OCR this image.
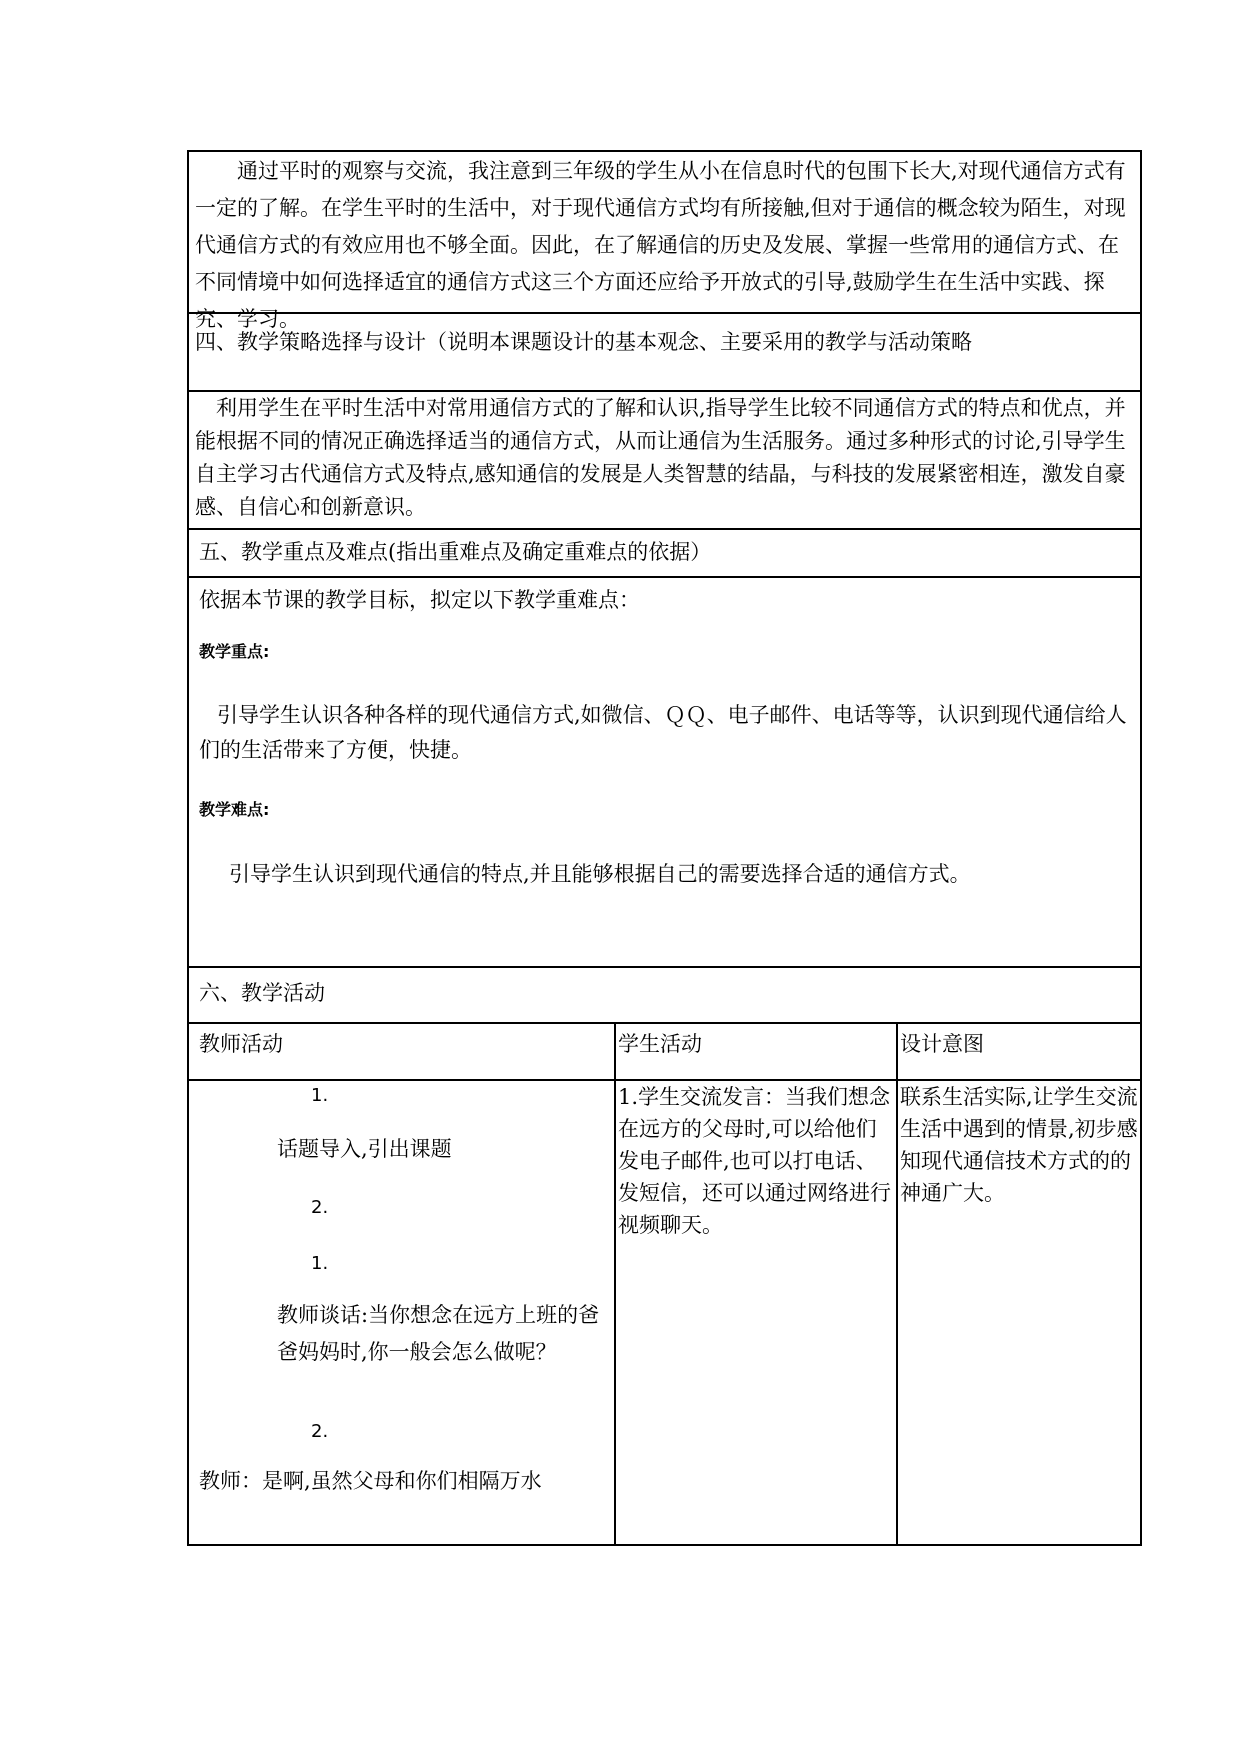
通过平时的观察与交流，我注意到三年级的学生从小在信息时代的包围下长大,对现代通信方式有一定的了解。在学生平时的生活中，对于现代通信方式均有所接触,但对于通信的概念较为陌生，对现代通信方式的有效应用也不够全面。因此，在了解通信的历史及发展、掌握一些常用的通信方式、在不同情境中如何选择适宜的通信方式这三个方面还应给予开放式的引导,鼓励学生在生活中实践、探究、学习。

四、教学策略选择与设计（说明本课题设计的基本观念、主要采用的教学与活动策略

利用学生在平时生活中对常用通信方式的了解和认识,指导学生比较不同通信方式的特点和优点，并能根据不同的情况正确选择适当的通信方式，从而让通信为生活服务。通过多种形式的讨论,引导学生自主学习古代通信方式及特点,感知通信的发展是人类智慧的结晶，与科技的发展紧密相连，激发自豪感、自信心和创新意识。

五、教学重点及难点(指出重难点及确定重难点的依据）

依据本节课的教学目标，拟定以下教学重难点：

教学重点:

引导学生认识各种各样的现代通信方式,如微信、ＱＱ、电子邮件、电话等等，认识到现代通信给人们的生活带来了方便，快捷。

教学难点:

引导学生认识到现代通信的特点,并且能够根据自己的需要选择合适的通信方式。

六、教学活动

教师活动	学生活动	设计意图

1.

话题导入,引出课题

2.
1.

教师谈话:当你想念在远方上班的爸爸妈妈时,你一般会怎么做呢？

2.

教师：是啊,虽然父母和你们相隔万水

1.学生交流发言：当我们想念在远方的父母时,可以给他们发电子邮件,也可以打电话、发短信，还可以通过网络进行视频聊天。

联系生活实际,让学生交流生活中遇到的情景,初步感知现代通信技术方式的的神通广大。
